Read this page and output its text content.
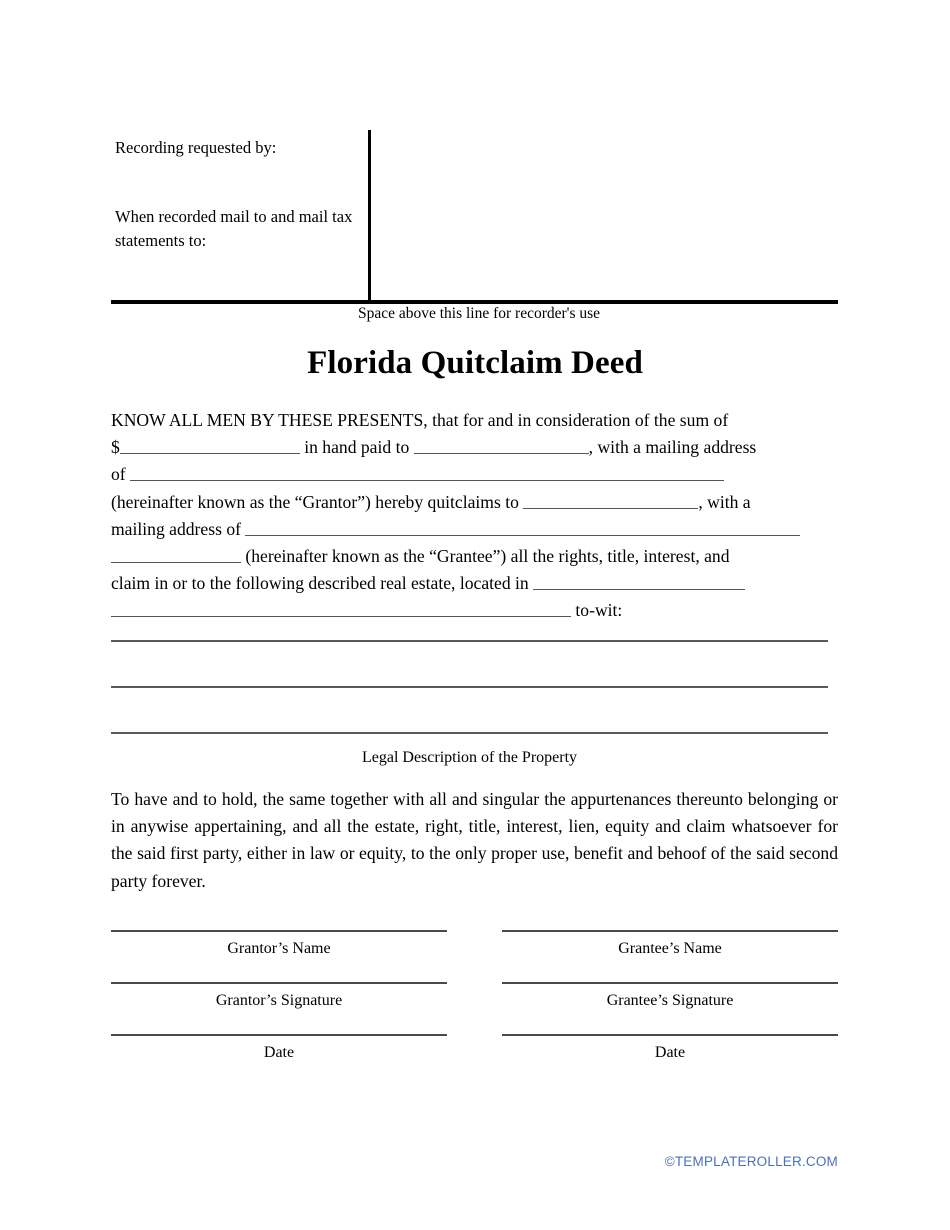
Recording requested by:

When recorded mail to and mail tax statements to:

Space above this line for recorder's use
Florida Quitclaim Deed

KNOW ALL MEN BY THESE PRESENTS, that for and in consideration of the sum of

$	in hand paid to	, with a mailing address

of

(hereinafter known as the “Grantor”) hereby quitclaims to	, with a

mailing address of

(hereinafter known as the “Grantee”) all the rights, title, interest, and

claim in or to the following described real estate, located in

to-wit:

Legal Description of the Property

To have and to hold, the same together with all and singular the appurtenances thereunto belonging or in anywise appertaining, and all the estate, right, title, interest, lien, equity and claim whatsoever for the said first party, either in law or equity, to the only proper use, benefit and behoof of the said second party forever.

Grantor’s Name	Grantee’s Name
Grantor’s Signature	Grantee’s Signature
Date	Date
©TEMPLATEROLLER.COM
